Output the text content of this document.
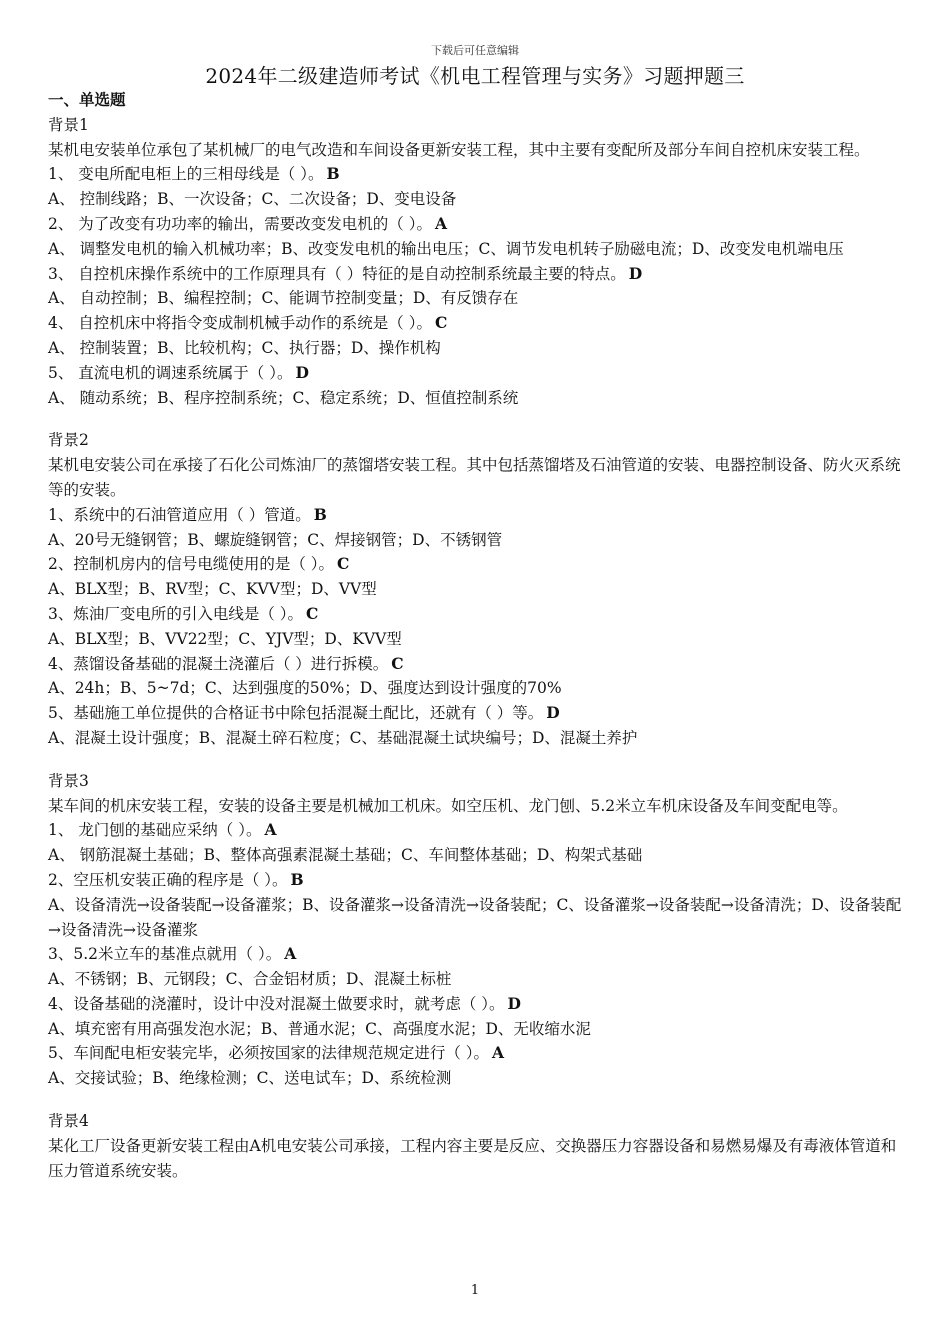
下载后可任意编辑
2024年二级建造师考试《机电工程管理与实务》习题押题三
一、单选题
背景1
某机电安装单位承包了某机械厂的电气改造和车间设备更新安装工程，其中主要有变配所及部分车间自控机床安装工程。
1、 变电所配电柜上的三相母线是（ ）。 B
A、 控制线路；B、一次设备；C、二次设备；D、变电设备
2、 为了改变有功功率的输出，需要改变发电机的（ ）。 A
A、 调整发电机的输入机械功率；B、改变发电机的输出电压；C、调节发电机转子励磁电流；D、改变发电机端电压
3、 自控机床操作系统中的工作原理具有（ ）特征的是自动控制系统最主要的特点。 D
A、 自动控制；B、编程控制；C、能调节控制变量；D、有反馈存在
4、 自控机床中将指令变成制机械手动作的系统是（ ）。 C
A、 控制装置；B、比较机构；C、执行器；D、操作机构
5、 直流电机的调速系统属于（ ）。 D
A、 随动系统；B、程序控制系统；C、稳定系统；D、恒值控制系统
背景2
某机电安装公司在承接了石化公司炼油厂的蒸馏塔安装工程。其中包括蒸馏塔及石油管道的安装、电器控制设备、防火灭系统等的安装。
1、系统中的石油管道应用（ ）管道。 B
A、20号无缝钢管；B、螺旋缝钢管；C、焊接钢管；D、不锈钢管
2、控制机房内的信号电缆使用的是（ ）。 C
A、BLX型；B、RV型；C、KVV型；D、VV型
3、炼油厂变电所的引入电线是（ ）。 C
A、BLX型；B、VV22型；C、YJV型；D、KVV型
4、蒸馏设备基础的混凝土浇灌后（ ）进行拆模。 C
A、24h；B、5~7d；C、达到强度的50%；D、强度达到设计强度的70%
5、基础施工单位提供的合格证书中除包括混凝土配比，还就有（ ）等。 D
A、混凝土设计强度；B、混凝土碎石粒度；C、基础混凝土试块编号；D、混凝土养护
背景3
某车间的机床安装工程，安装的设备主要是机械加工机床。如空压机、龙门刨、5.2米立车机床设备及车间变配电等。
1、 龙门刨的基础应采纳（ ）。 A
A、 钢筋混凝土基础；B、整体高强素混凝土基础；C、车间整体基础；D、构架式基础
2、空压机安装正确的程序是（ ）。 B
A、设备清洗→设备装配→设备灌浆；B、设备灌浆→设备清洗→设备装配；C、设备灌浆→设备装配→设备清洗；D、设备装配→设备清洗→设备灌浆
3、5.2米立车的基准点就用（ ）。 A
A、不锈钢；B、元钢段；C、合金铝材质；D、混凝土标桩
4、设备基础的浇灌时，设计中没对混凝土做要求时，就考虑（ ）。 D
A、填充密有用高强发泡水泥；B、普通水泥；C、高强度水泥；D、无收缩水泥
5、车间配电柜安装完毕，必须按国家的法律规范规定进行（ ）。 A
A、交接试验；B、绝缘检测；C、送电试车；D、系统检测
背景4
某化工厂设备更新安装工程由A机电安装公司承接，工程内容主要是反应、交换器压力容器设备和易燃易爆及有毒液体管道和压力管道系统安装。
1
